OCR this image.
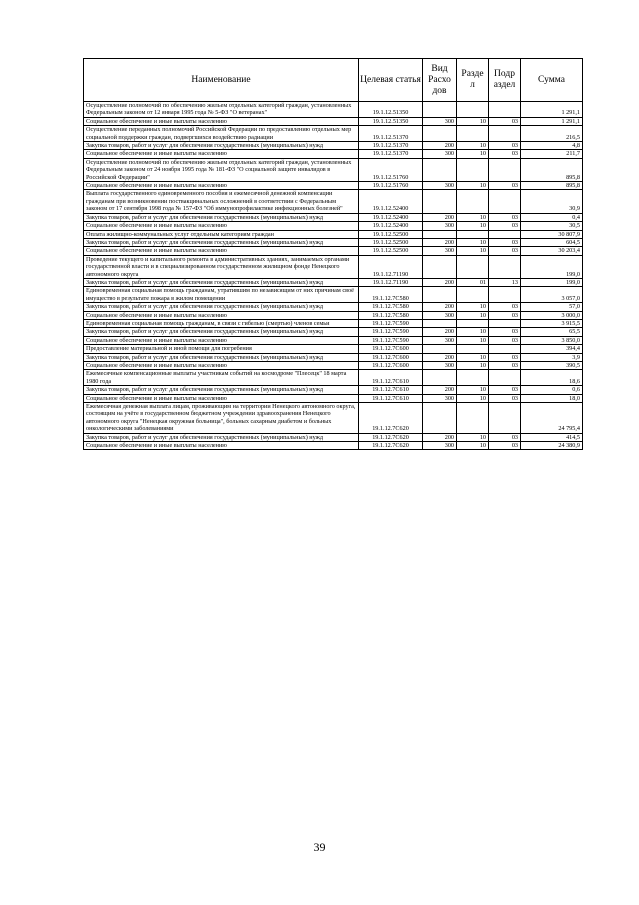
Наименование	Целевая статья	Вид Расхо дов	Разде л	Подр аздел	Сумма
Осуществление полномочий по обеспечению жильем отдельных категорий граждан, установленных Федеральным законом от 12 января 1995 года № 5-ФЗ "О ветеранах"	19.1.12.51350				1 291,1
Социальное обеспечение и иные выплаты населению	19.1.12.51350	300	10	03	1 291,1
Осуществление переданных полномочий Российской Федерации по предоставлению отдельных мер социальной поддержки граждан, подвергшихся воздействию радиации	19.1.12.51370				216,5
Закупка товаров, работ и услуг для обеспечения государственных (муниципальных) нужд	19.1.12.51370	200	10	03	4,8
Социальное обеспечение и иные выплаты населению	19.1.12.51370	300	10	03	211,7
Осуществление полномочий по обеспечению жильем отдельных категорий граждан, установленных Федеральным законом от 24 ноября 1995 года № 181-ФЗ "О социальной защите инвалидов в Российской Федерации"	19.1.12.51760				895,8
Социальное обеспечение и иные выплаты населению	19.1.12.51760	300	10	03	895,8
Выплата государственного единовременного пособия и ежемесячной денежной компенсации гражданам при возникновении поствакцинальных осложнений в соответствии с Федеральным законом от 17 сентября 1998 года № 157-ФЗ "Об иммунопрофилактике инфекционных болезней"	19.1.12.52400				30,9
Закупка товаров, работ и услуг для обеспечения государственных (муниципальных) нужд	19.1.12.52400	200	10	03	0,4
Социальное обеспечение и иные выплаты населению	19.1.12.52400	300	10	03	30,5
Оплата жилищно-коммунальных услуг отдельным категориям граждан	19.1.12.52500				30 807,9
Закупка товаров, работ и услуг для обеспечения государственных (муниципальных) нужд	19.1.12.52500	200	10	03	604,5
Социальное обеспечение и иные выплаты населению	19.1.12.52500	300	10	03	30 203,4
Проведение текущего и капитального ремонта в административных зданиях, занимаемых органами государственной власти и в специализированном государственном жилищном фонде Ненецкого автономного округа	19.1.12.71190				199,0
Закупка товаров, работ и услуг для обеспечения государственных (муниципальных) нужд	19.1.12.71190	200	01	13	199,0
Единовременная социальная помощь гражданам, утратившим по независящим от них причинам своё имущество в результате пожара в жилом помещении	19.1.12.7С580				3 057,0
Закупка товаров, работ и услуг для обеспечения государственных (муниципальных) нужд	19.1.12.7С580	200	10	03	57,0
Социальное обеспечение и иные выплаты населению	19.1.12.7С580	300	10	03	3 000,0
Единовременная социальная помощь гражданам, в связи с гибелью (смертью) членов семьи	19.1.12.7С590				3 915,5
Закупка товаров, работ и услуг для обеспечения государственных (муниципальных) нужд	19.1.12.7С590	200	10	03	65,5
Социальное обеспечение и иные выплаты населению	19.1.12.7С590	300	10	03	3 850,0
Предоставление материальной и иной помощи для погребения	19.1.12.7С600				394,4
Закупка товаров, работ и услуг для обеспечения государственных (муниципальных) нужд	19.1.12.7С600	200	10	03	3,9
Социальное обеспечение и иные выплаты населению	19.1.12.7С600	300	10	03	390,5
Ежемесячные компенсационные выплаты участникам событий на космодроме "Плесецк" 18 марта 1980 года	19.1.12.7С610				18,6
Закупка товаров, работ и услуг для обеспечения государственных (муниципальных) нужд	19.1.12.7С610	200	10	03	0,6
Социальное обеспечение и иные выплаты населению	19.1.12.7С610	300	10	03	18,0
Ежемесячная денежная выплата лицам, проживающим на территории Ненецкого автономного округа, состоящим на учёте в государственном бюджетном учреждении здравоохранения Ненецкого автономного округа "Ненецкая окружная больница", больных сахарным диабетом и больных онкологическими заболеваниями	19.1.12.7С620				24 795,4
Закупка товаров, работ и услуг для обеспечения государственных (муниципальных) нужд	19.1.12.7С620	200	10	03	414,5
Социальное обеспечение и иные выплаты населению	19.1.12.7С620	300	10	03	24 380,9
39
